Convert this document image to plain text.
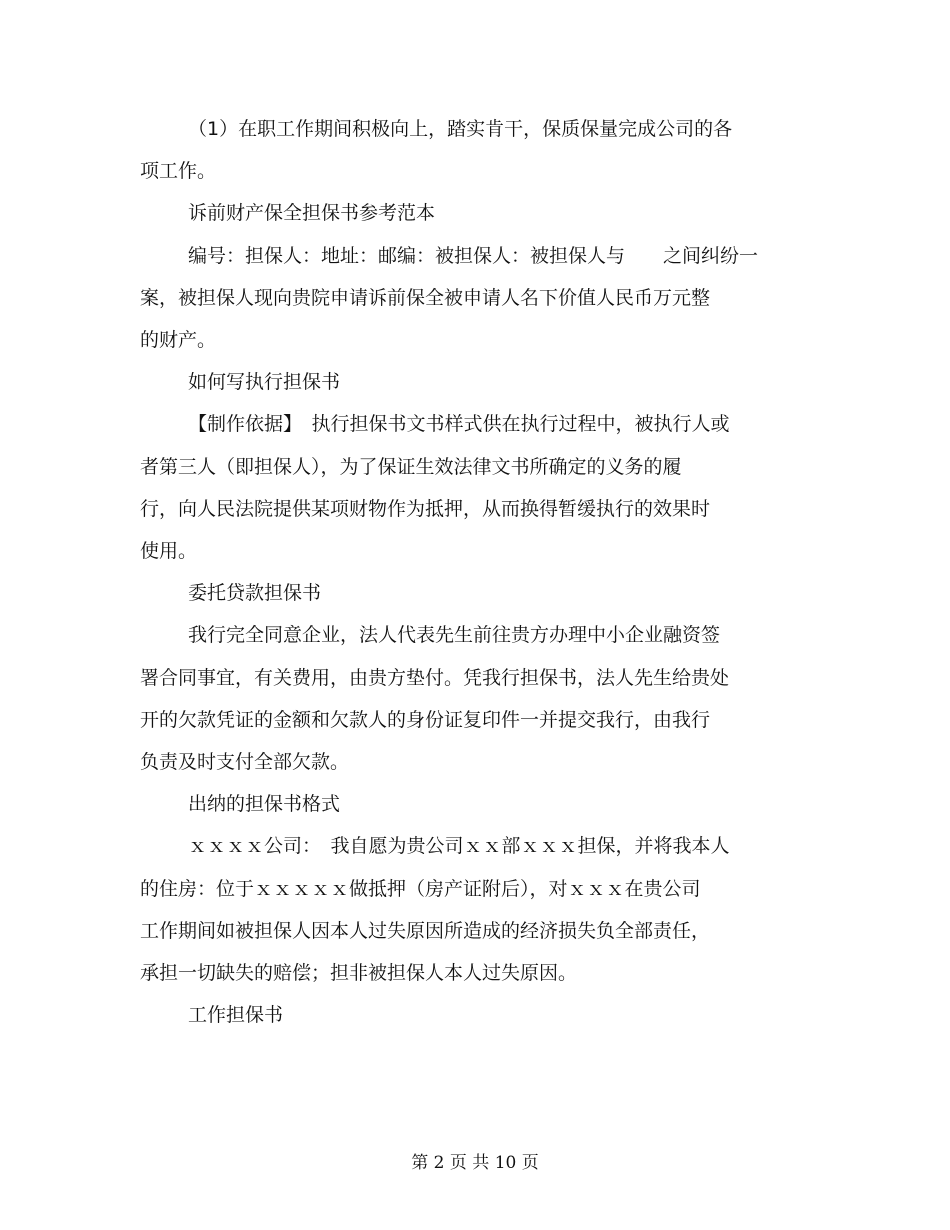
（1）在职工作期间积极向上，踏实肯干，保质保量完成公司的各
项工作。
诉前财产保全担保书参考范本
编号：担保人：地址：邮编：被担保人：被担保人与　　之间纠纷一
案，被担保人现向贵院申请诉前保全被申请人名下价值人民币万元整
的财产。
如何写执行担保书
【制作依据】　执行担保书文书样式供在执行过程中，被执行人或
者第三人（即担保人），为了保证生效法律文书所确定的义务的履
行，向人民法院提供某项财物作为抵押，从而换得暂缓执行的效果时
使用。
委托贷款担保书
我行完全同意企业，法人代表先生前往贵方办理中小企业融资签
署合同事宜，有关费用，由贵方垫付。凭我行担保书，法人先生给贵处
开的欠款凭证的金额和欠款人的身份证复印件一并提交我行，由我行
负责及时支付全部欠款。
出纳的担保书格式
ｘｘｘｘ公司：　我自愿为贵公司ｘｘ部ｘｘｘ担保，并将我本人
的住房：位于ｘｘｘｘｘ做抵押（房产证附后），对ｘｘｘ在贵公司
工作期间如被担保人因本人过失原因所造成的经济损失负全部责任，
承担一切缺失的赔偿；担非被担保人本人过失原因。
工作担保书
第 2 页 共 10 页
